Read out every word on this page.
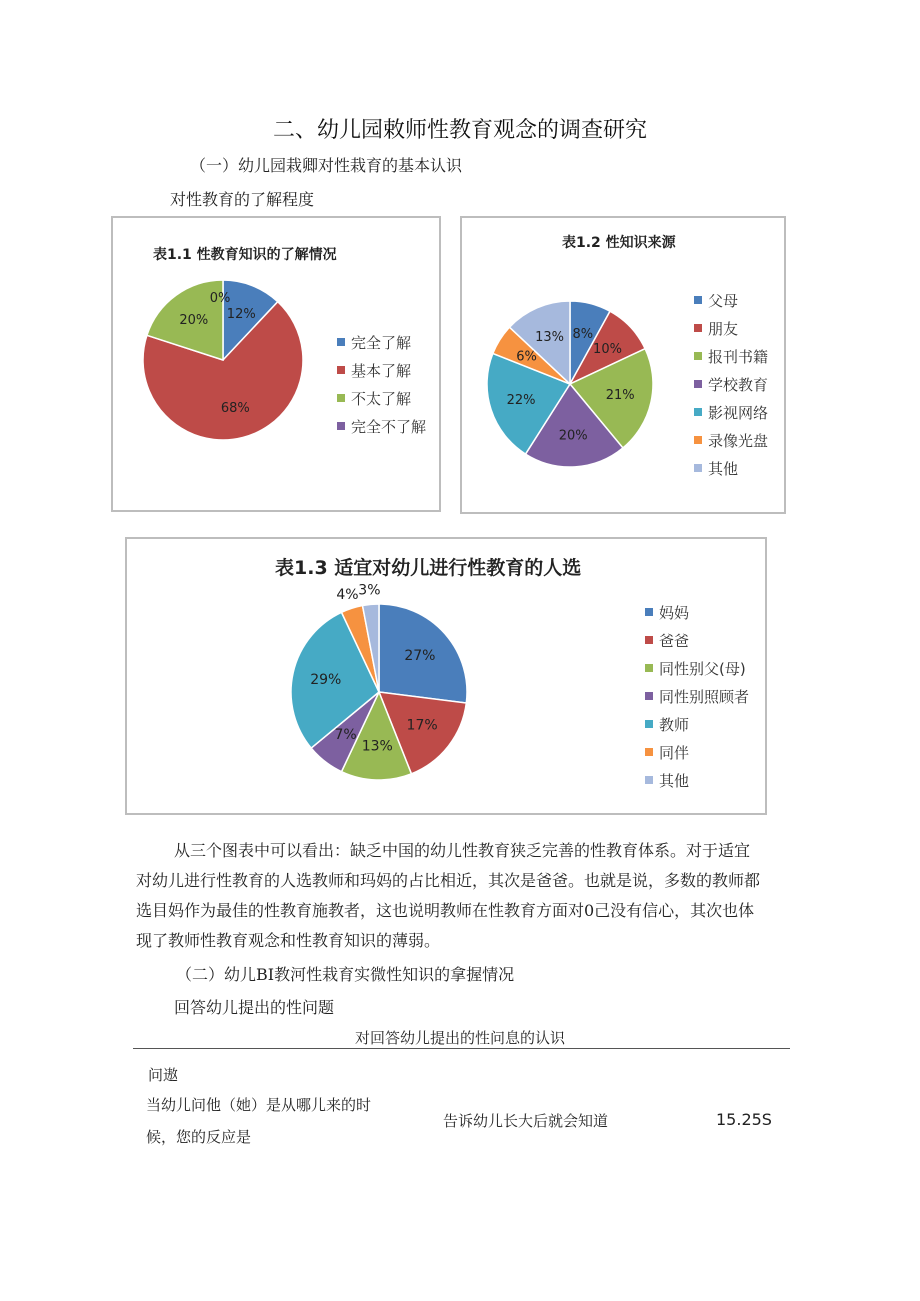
二、幼儿园敕师性教育观念的调查研究
（一）幼儿园栽卿对性栽育的基本认识
对性教育的了解程度
12%
68%
20%
0%
表1.1 性教育知识的了解情况
完全了解
基本了解
不太了解
完全不了解
8%
10%
21%
20%
22%
6%
13%
表1.2 性知识来源
父母
朋友
报刊书籍
学校教育
影视网络
录像光盘
其他
27%
17%
13%
7%
29%
4% 3%
表1.3 适宜对幼儿进行性教育的人选
妈妈
爸爸
同性别父(母)
同性别照顾者
教师
同伴
其他
从三个图表中可以看出：缺乏中国的幼儿性教育狭乏完善的性教育体系。对于适宜
对幼儿进行性教育的人选教师和玛妈的占比相近，其次是爸爸。也就是说，多数的教师都
选目妈作为最佳的性教育施教者，这也说明教师在性教育方面对0己没有信心，其次也体
现了教师性教育观念和性教育知识的薄弱。
（二）幼儿BI教河性栽育实微性知识的拿握情况
回答幼儿提出的性问题
对回答幼儿提出的性问息的认识
问遨
当幼儿问他（她）是从哪儿来的时
候，您的反应是
告诉幼儿长大后就会知道	15.25S
